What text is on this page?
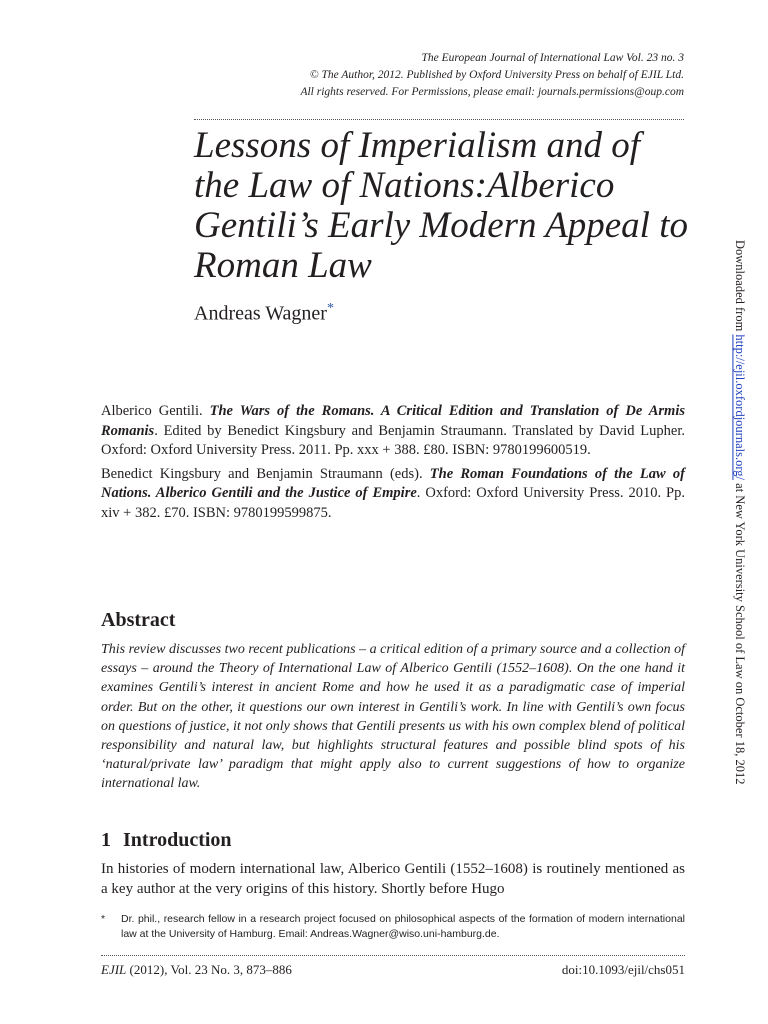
The European Journal of International Law Vol. 23 no. 3
© The Author, 2012. Published by Oxford University Press on behalf of EJIL Ltd.
All rights reserved. For Permissions, please email: journals.permissions@oup.com
Lessons of Imperialism and of the Law of Nations:Alberico Gentili’s Early Modern Appeal to Roman Law
Andreas Wagner*

Alberico Gentili. The Wars of the Romans. A Critical Edition and Translation of De Armis Romanis. Edited by Benedict Kingsbury and Benjamin Straumann. Translated by David Lupher. Oxford: Oxford University Press. 2011. Pp. xxx + 388. £80. ISBN: 9780199600519.

Benedict Kingsbury and Benjamin Straumann (eds). The Roman Foundations of the Law of Nations. Alberico Gentili and the Justice of Empire. Oxford: Oxford University Press. 2010. Pp. xiv + 382. £70. ISBN: 9780199599875.

Abstract

This review discusses two recent publications – a critical edition of a primary source and a collection of essays – around the Theory of International Law of Alberico Gentili (1552–1608). On the one hand it examines Gentili’s interest in ancient Rome and how he used it as a paradigmatic case of imperial order. But on the other, it questions our own interest in Gentili’s work. In line with Gentili’s own focus on questions of justice, it not only shows that Gentili presents us with his own complex blend of political responsibility and natural law, but highlights structural features and possible blind spots of his ‘natural/private law’ paradigm that might apply also to current suggestions of how to organize international law.

1 Introduction

In histories of modern international law, Alberico Gentili (1552–1608) is routinely mentioned as a key author at the very origins of this history. Shortly before Hugo

* Dr. phil., research fellow in a research project focused on philosophical aspects of the formation of modern international law at the University of Hamburg. Email: Andreas.Wagner@wiso.uni-hamburg.de.
EJIL (2012), Vol. 23 No. 3, 873–886	doi:10.1093/ejil/chs051
Downloaded from http://ejil.oxfordjournals.org/ at New York University School of Law on October 18, 2012
